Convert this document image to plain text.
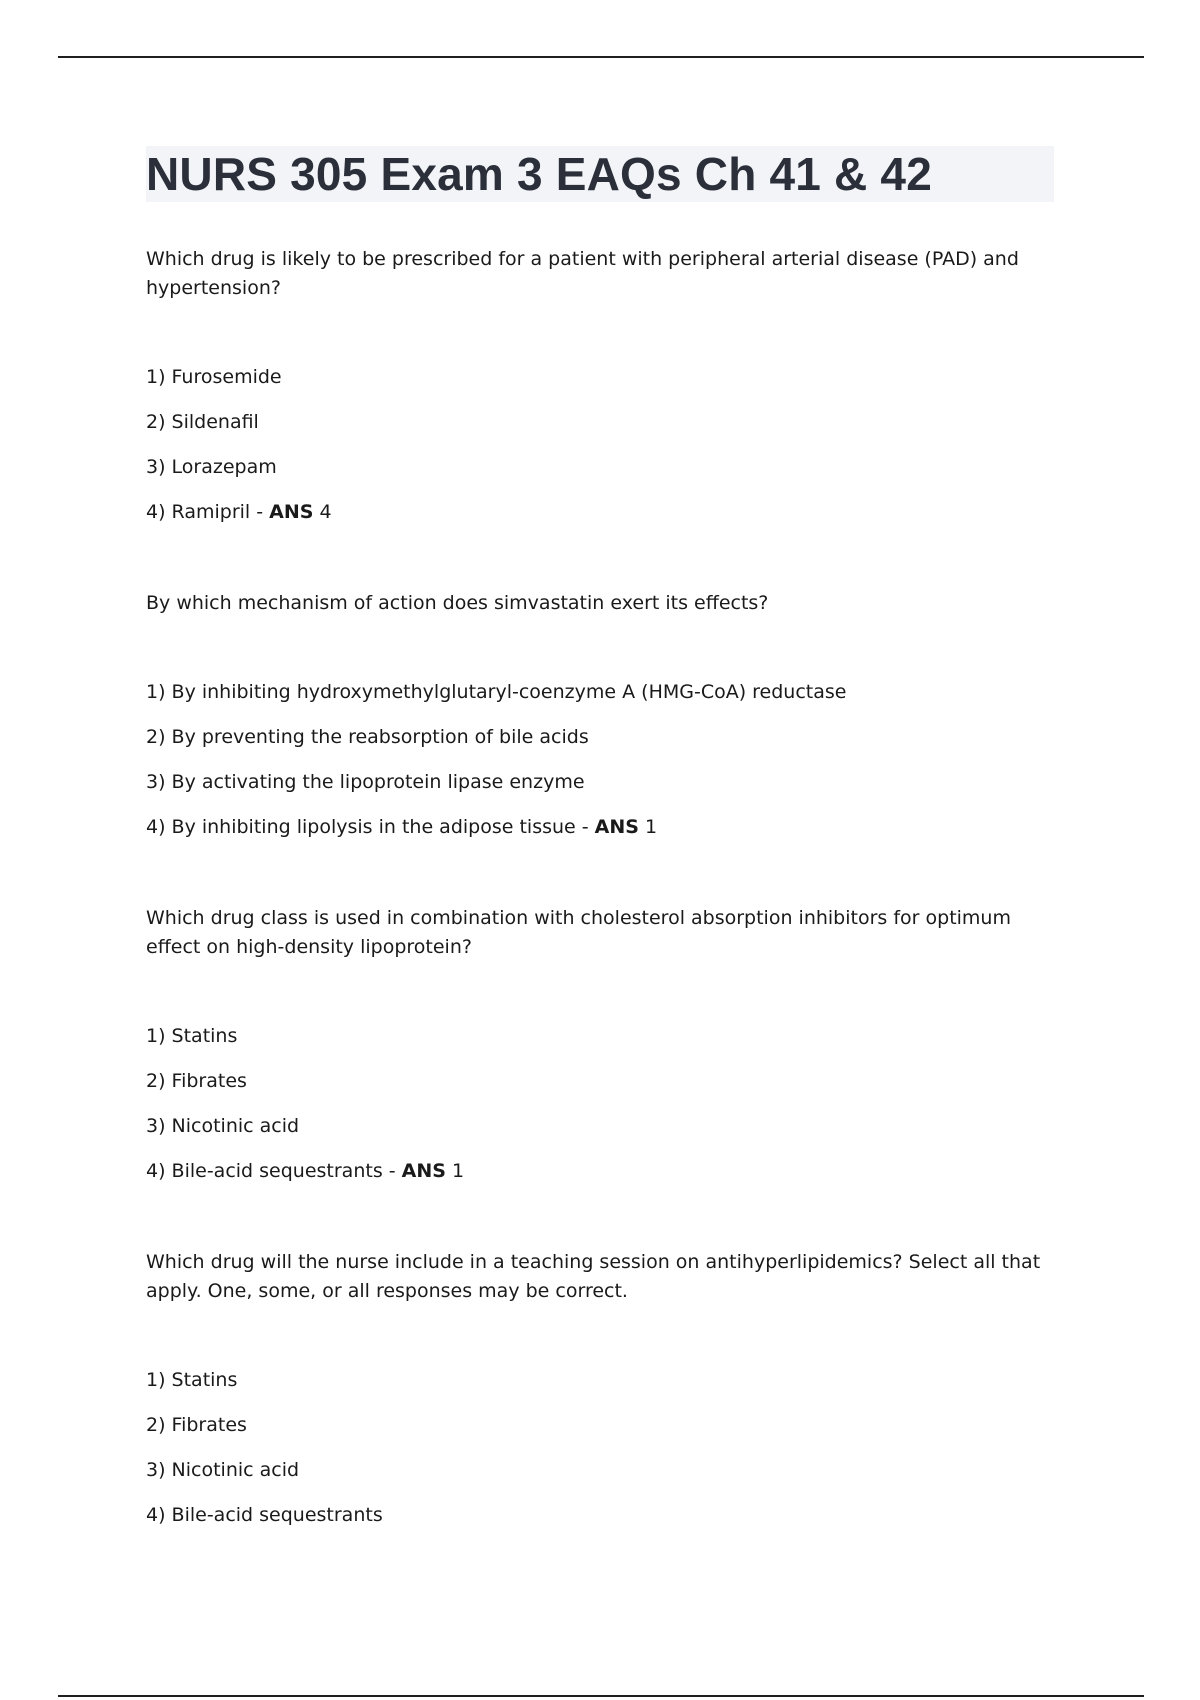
NURS 305 Exam 3 EAQs Ch 41 & 42

Which drug is likely to be prescribed for a patient with peripheral arterial disease (PAD) and hypertension?

1) Furosemide
2) Sildenafil
3) Lorazepam
4) Ramipril - ANS 4

By which mechanism of action does simvastatin exert its effects?

1) By inhibiting hydroxymethylglutaryl-coenzyme A (HMG-CoA) reductase
2) By preventing the reabsorption of bile acids
3) By activating the lipoprotein lipase enzyme
4) By inhibiting lipolysis in the adipose tissue - ANS 1

Which drug class is used in combination with cholesterol absorption inhibitors for optimum effect on high-density lipoprotein?

1) Statins
2) Fibrates
3) Nicotinic acid
4) Bile-acid sequestrants - ANS 1

Which drug will the nurse include in a teaching session on antihyperlipidemics? Select all that apply. One, some, or all responses may be correct.

1) Statins
2) Fibrates
3) Nicotinic acid
4) Bile-acid sequestrants
